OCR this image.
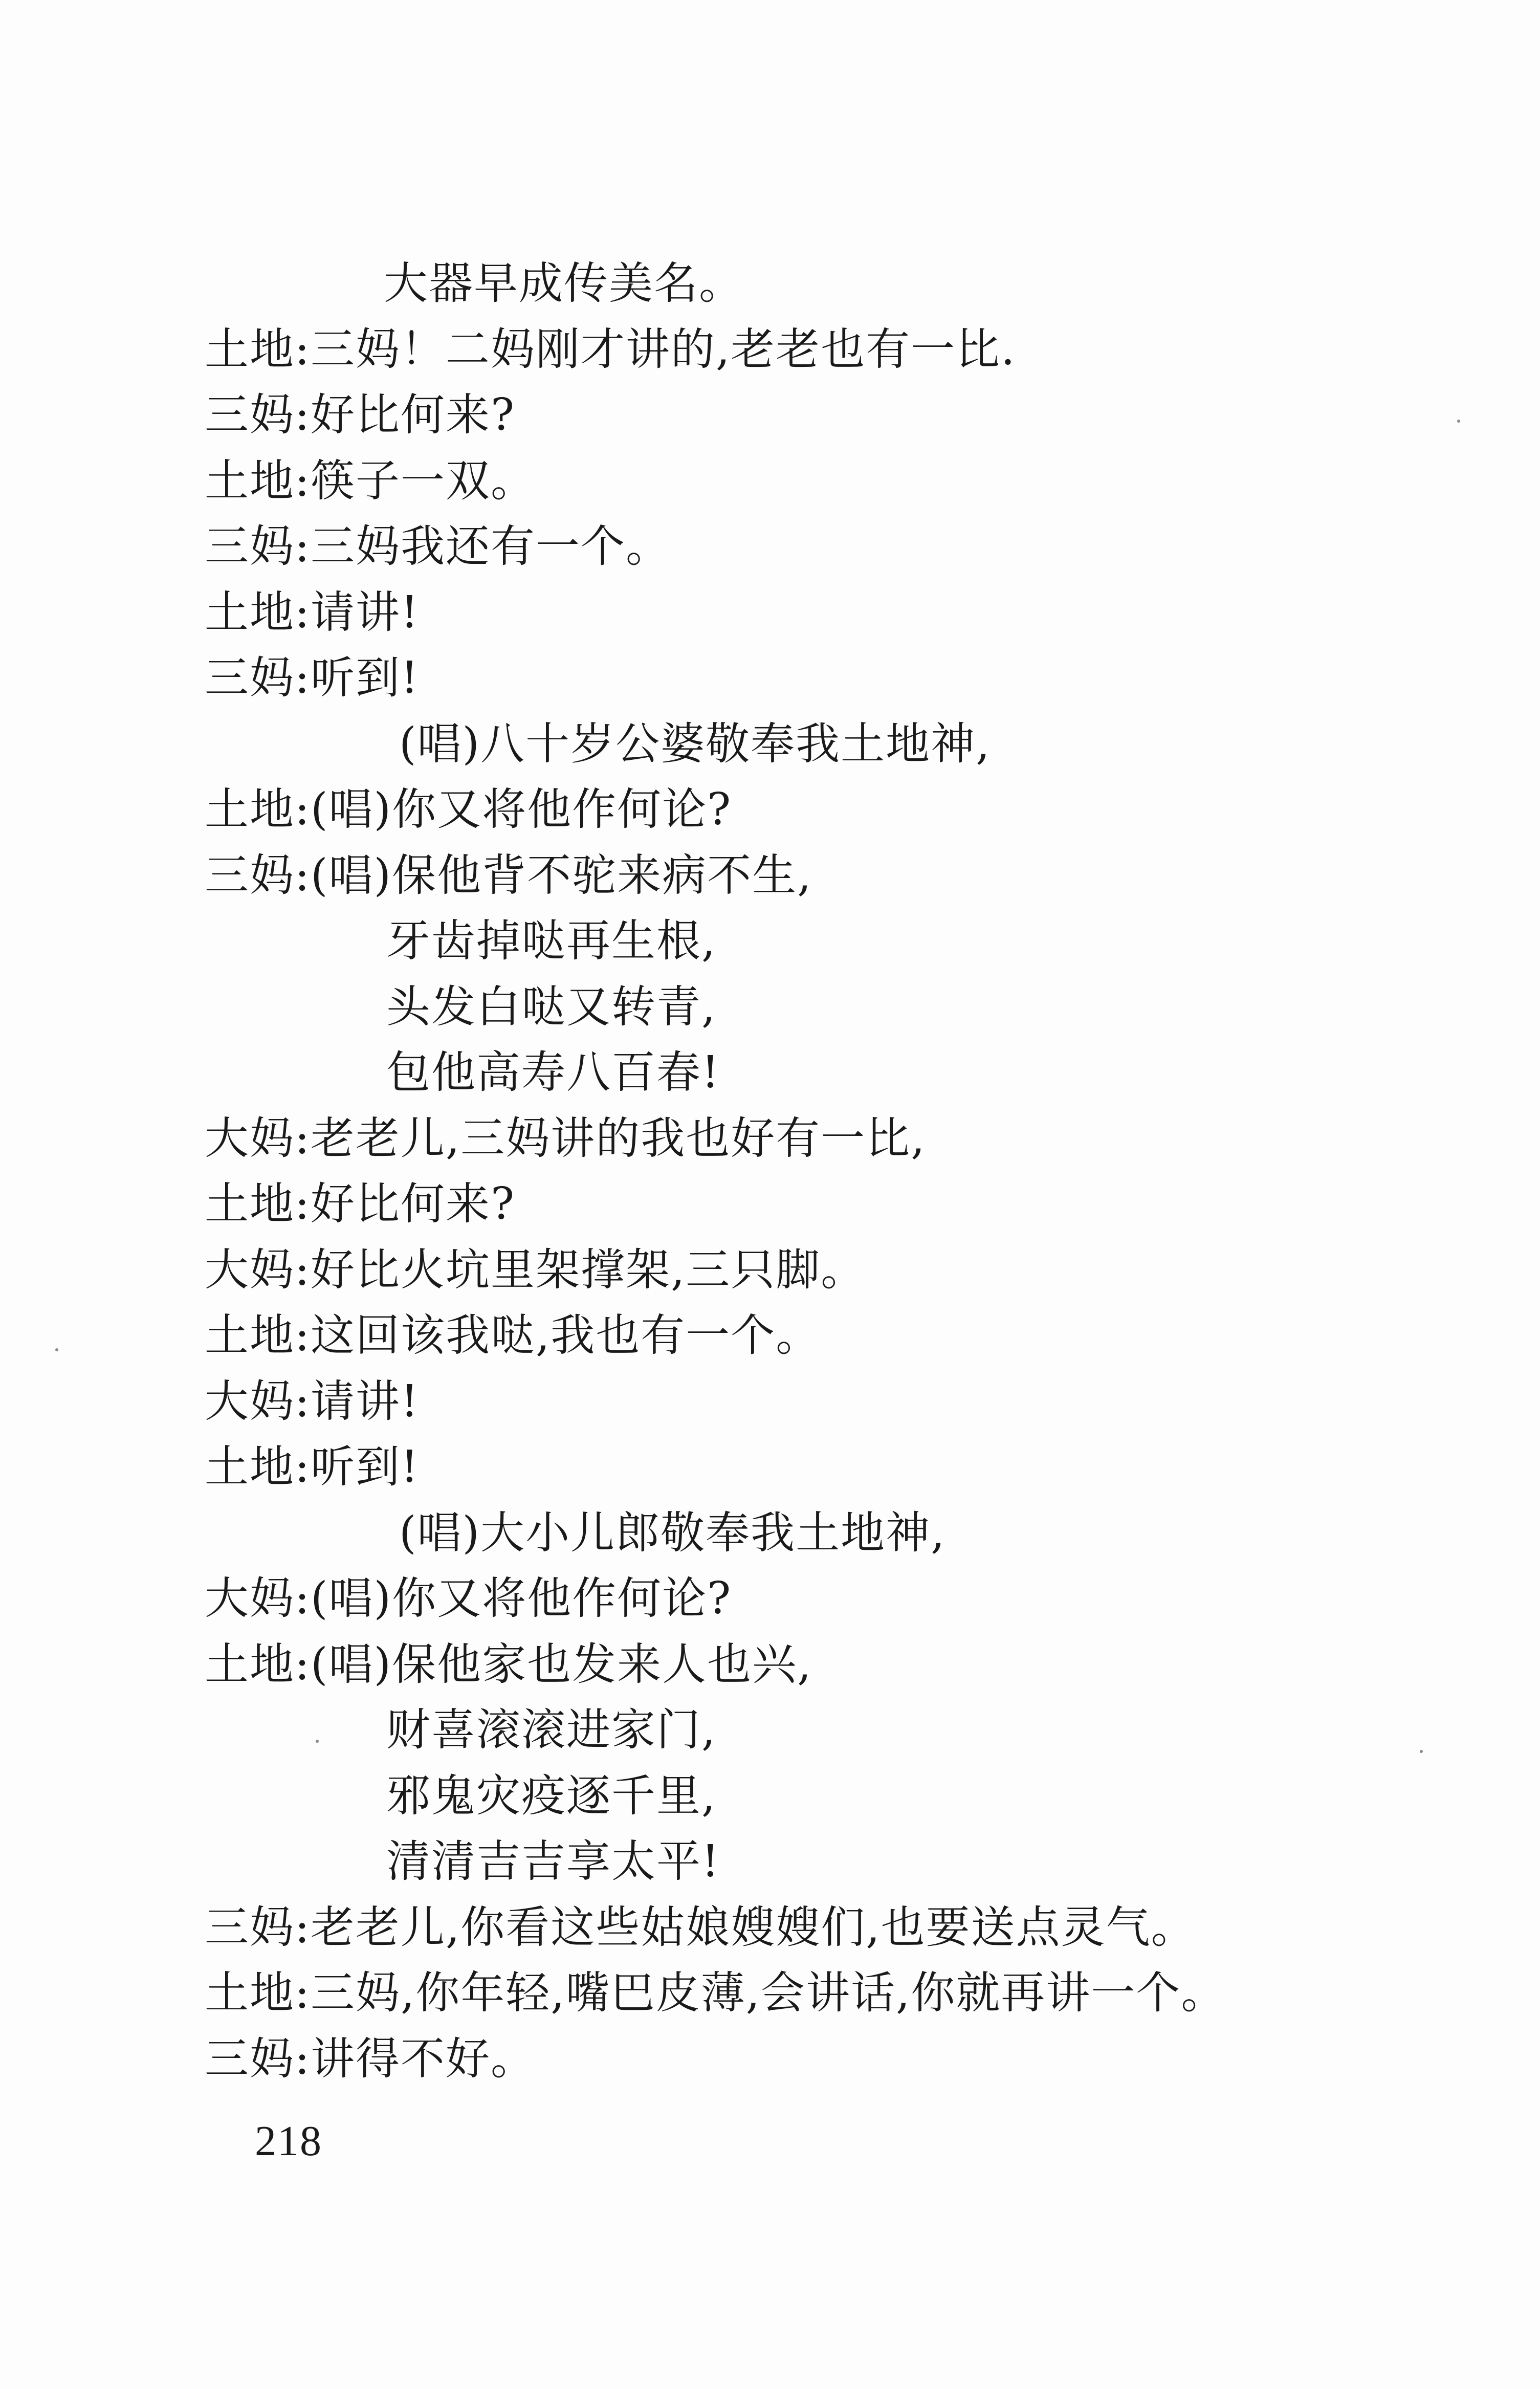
大器早成传美名。
土地:三妈！二妈刚才讲的,老老也有一比.
三妈:好比何来?
土地:筷子一双。
三妈:三妈我还有一个。
土地:请讲!
三妈:听到!
(唱)八十岁公婆敬奉我土地神,
土地:(唱)你又将他作何论?
三妈:(唱)保他背不驼来病不生,
牙齿掉哒再生根,
头发白哒又转青,
包他高寿八百春!
大妈:老老儿,三妈讲的我也好有一比,
土地:好比何来?
大妈:好比火坑里架撑架,三只脚。
土地:这回该我哒,我也有一个。
大妈:请讲!
土地:听到!
(唱)大小儿郎敬奉我土地神,
大妈:(唱)你又将他作何论?
土地:(唱)保他家也发来人也兴,
财喜滚滚进家门,
邪鬼灾疫逐千里,
清清吉吉享太平!
三妈:老老儿,你看这些姑娘嫂嫂们,也要送点灵气。
土地:三妈,你年轻,嘴巴皮薄,会讲话,你就再讲一个。
三妈:讲得不好。
218
